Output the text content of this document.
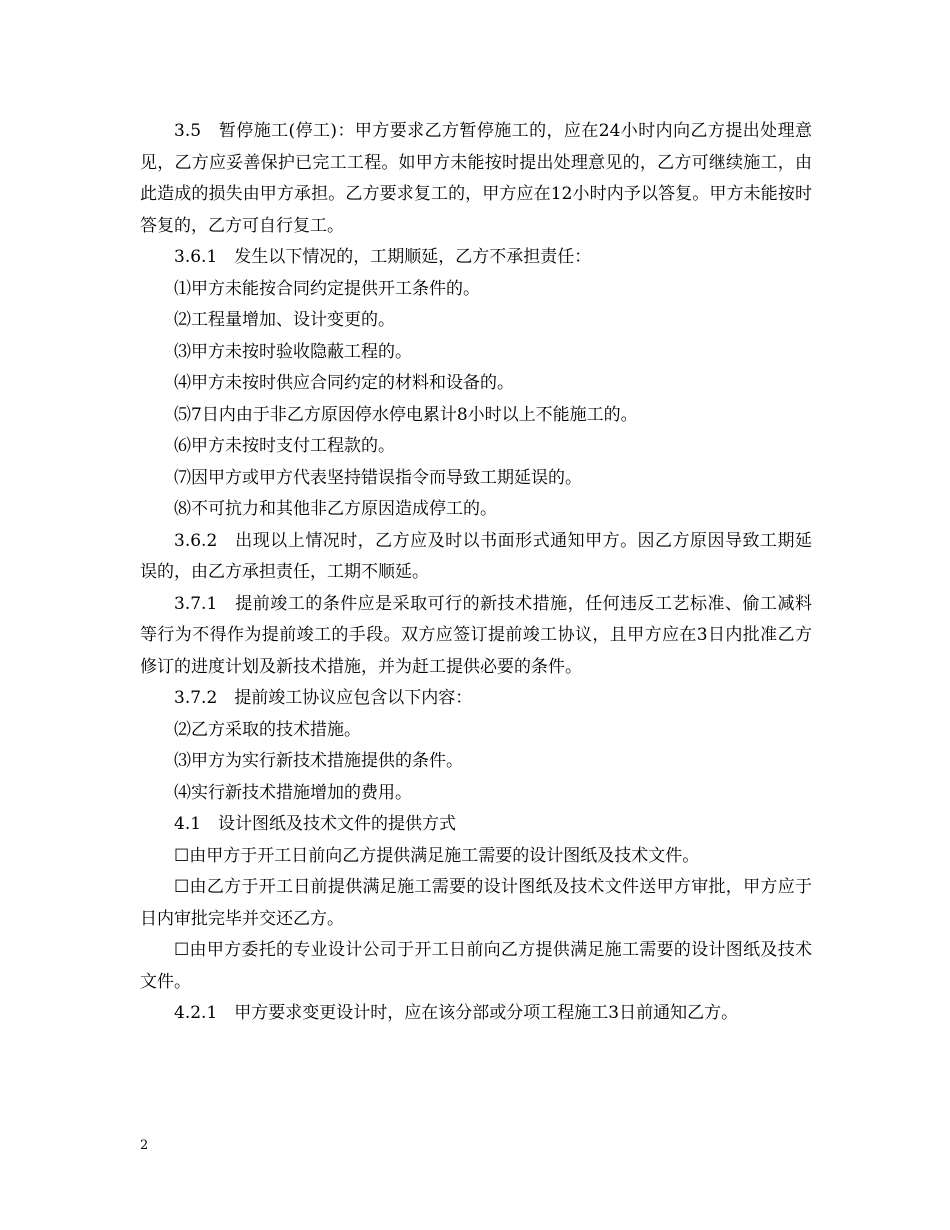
3.5　暂停施工(停工)：甲方要求乙方暂停施工的，应在24小时内向乙方提出处理意见，乙方应妥善保护已完工工程。如甲方未能按时提出处理意见的，乙方可继续施工，由此造成的损失由甲方承担。乙方要求复工的，甲方应在12小时内予以答复。甲方未能按时答复的，乙方可自行复工。

3.6.1　发生以下情况的，工期顺延，乙方不承担责任：

⑴甲方未能按合同约定提供开工条件的。

⑵工程量增加、设计变更的。

⑶甲方未按时验收隐蔽工程的。

⑷甲方未按时供应合同约定的材料和设备的。

⑸7日内由于非乙方原因停水停电累计8小时以上不能施工的。

⑹甲方未按时支付工程款的。

⑺因甲方或甲方代表坚持错误指令而导致工期延误的。

⑻不可抗力和其他非乙方原因造成停工的。

3.6.2　出现以上情况时，乙方应及时以书面形式通知甲方。因乙方原因导致工期延误的，由乙方承担责任，工期不顺延。

3.7.1　提前竣工的条件应是采取可行的新技术措施，任何违反工艺标准、偷工减料等行为不得作为提前竣工的手段。双方应签订提前竣工协议，且甲方应在3日内批准乙方修订的进度计划及新技术措施，并为赶工提供必要的条件。

3.7.2　提前竣工协议应包含以下内容：

⑵乙方采取的技术措施。

⑶甲方为实行新技术措施提供的条件。

⑷实行新技术措施增加的费用。

4.1　设计图纸及技术文件的提供方式

☐由甲方于开工日前向乙方提供满足施工需要的设计图纸及技术文件。

☐由乙方于开工日前提供满足施工需要的设计图纸及技术文件送甲方审批，甲方应于日内审批完毕并交还乙方。

☐由甲方委托的专业设计公司于开工日前向乙方提供满足施工需要的设计图纸及技术文件。

4.2.1　甲方要求变更设计时，应在该分部或分项工程施工3日前通知乙方。

2
